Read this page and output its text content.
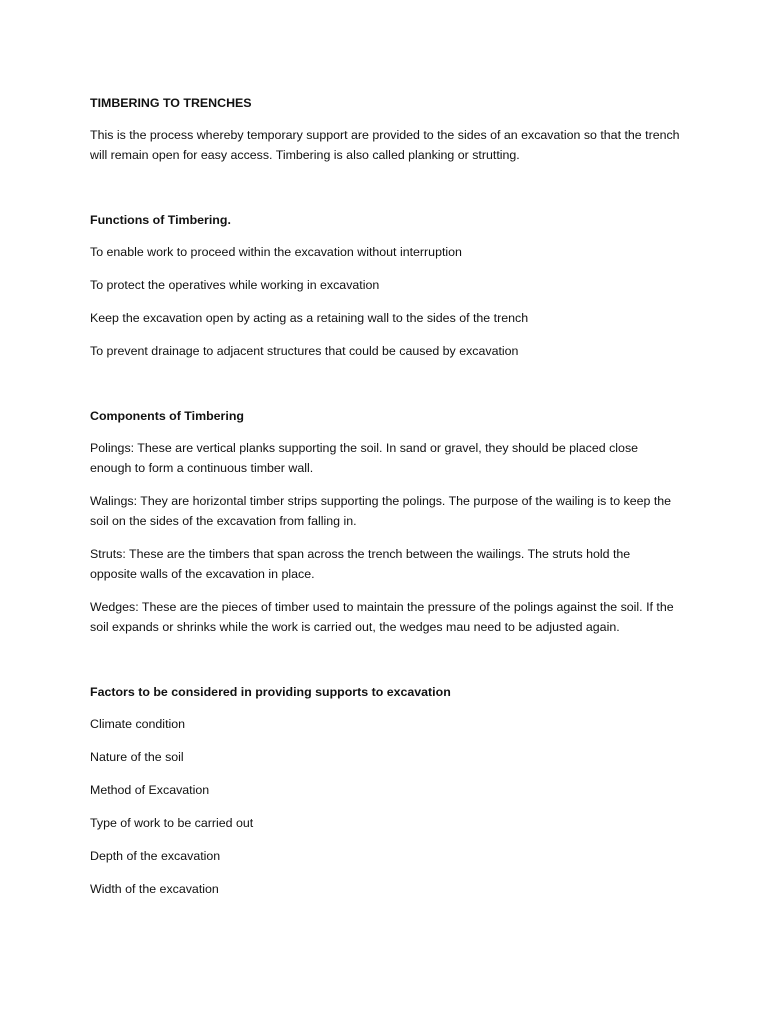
TIMBERING TO TRENCHES

This is the process whereby temporary support are provided to the sides of an excavation so that the trench will remain open for easy access. Timbering is also called planking or strutting.

Functions of Timbering.

To enable work to proceed within the excavation without interruption

To protect the operatives while working in excavation

Keep the excavation open by acting as a retaining wall to the sides of the trench

To prevent drainage to adjacent structures that could be caused by excavation

Components of Timbering

Polings: These are vertical planks supporting the soil. In sand or gravel, they should be placed close enough to form a continuous timber wall.

Walings: They are horizontal timber strips supporting the polings. The purpose of the wailing is to keep the soil on the sides of the excavation from falling in.

Struts: These are the timbers that span across the trench between the wailings. The struts hold the opposite walls of the excavation in place.

Wedges: These are the pieces of timber used to maintain the pressure of the polings against the soil. If the soil expands or shrinks while the work is carried out, the wedges mau need to be adjusted again.

Factors to be considered in providing supports to excavation

Climate condition

Nature of the soil

Method of Excavation

Type of work to be carried out

Depth of the excavation

Width of the excavation
